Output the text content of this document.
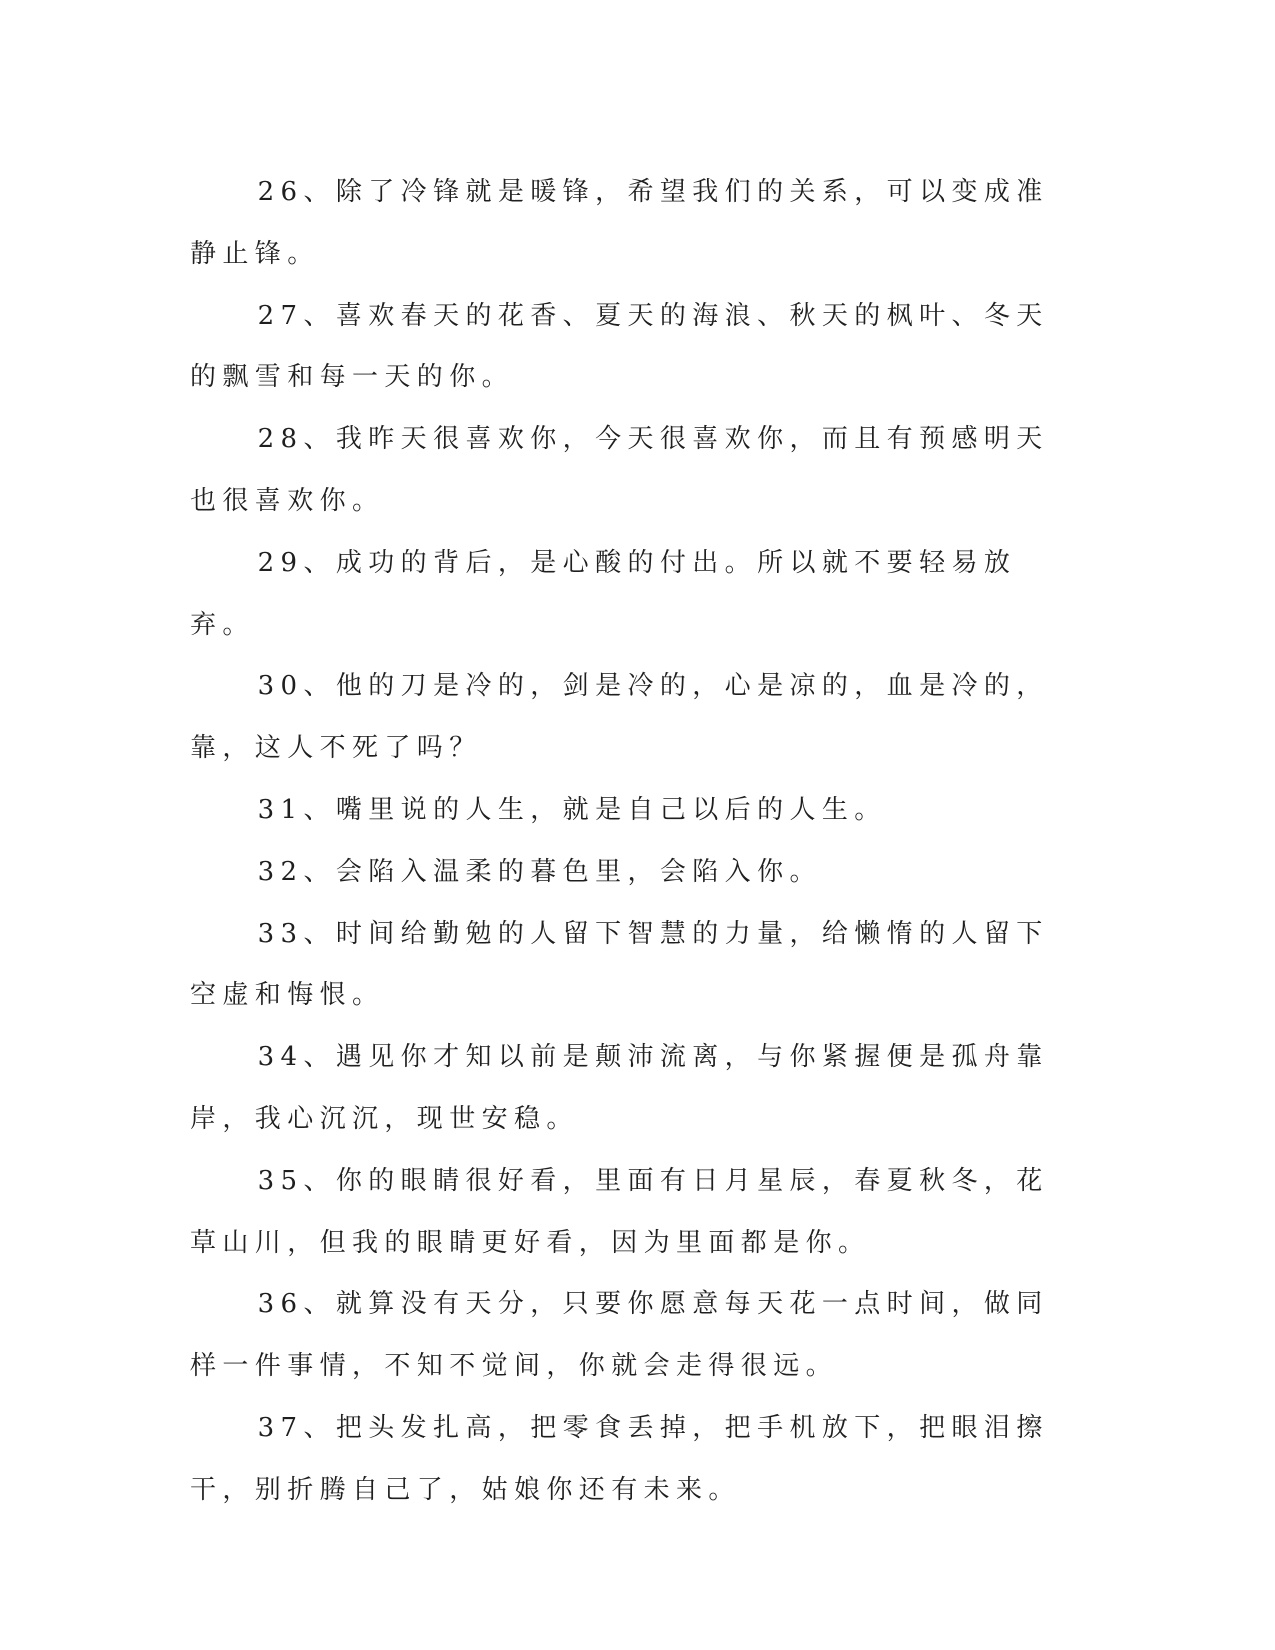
26、除了冷锋就是暖锋，希望我们的关系，可以变成准静止锋。

27、喜欢春天的花香、夏天的海浪、秋天的枫叶、冬天的飘雪和每一天的你。

28、我昨天很喜欢你，今天很喜欢你，而且有预感明天也很喜欢你。

29、成功的背后，是心酸的付出。所以就不要轻易放弃。

30、他的刀是冷的，剑是冷的，心是凉的，血是冷的，靠，这人不死了吗？

31、嘴里说的人生，就是自己以后的人生。

32、会陷入温柔的暮色里，会陷入你。

33、时间给勤勉的人留下智慧的力量，给懒惰的人留下空虚和悔恨。

34、遇见你才知以前是颠沛流离，与你紧握便是孤舟靠岸，我心沉沉，现世安稳。

35、你的眼睛很好看，里面有日月星辰，春夏秋冬，花草山川，但我的眼睛更好看，因为里面都是你。

36、就算没有天分，只要你愿意每天花一点时间，做同样一件事情，不知不觉间，你就会走得很远。

37、把头发扎高，把零食丢掉，把手机放下，把眼泪擦干，别折腾自己了，姑娘你还有未来。
